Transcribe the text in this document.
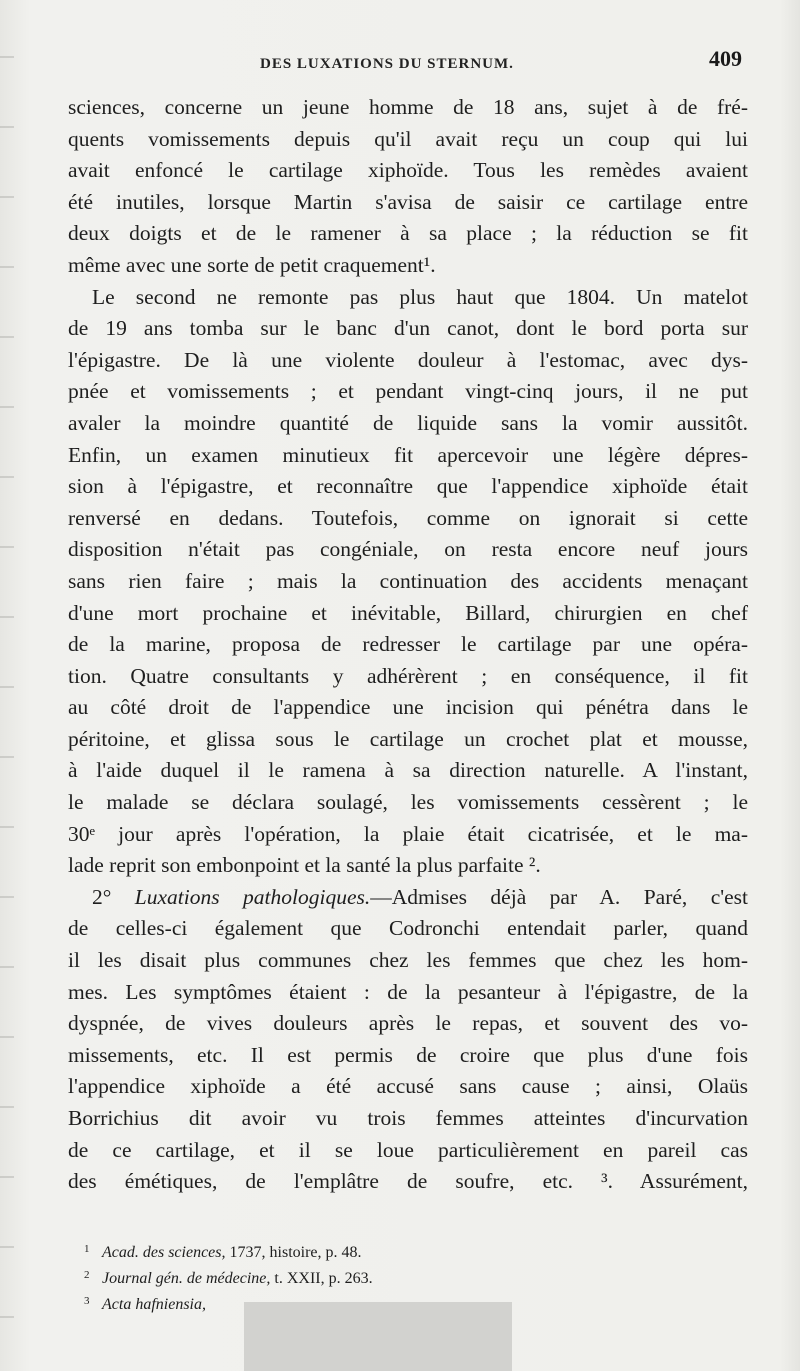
DES LUXATIONS DU STERNUM.	409
sciences, concerne un jeune homme de 18 ans, sujet à de fré-
quents vomissements depuis qu'il avait reçu un coup qui lui
avait enfoncé le cartilage xiphoïde. Tous les remèdes avaient
été inutiles, lorsque Martin s'avisa de saisir ce cartilage entre
deux doigts et de le ramener à sa place ; la réduction se fit
même avec une sorte de petit craquement¹.
Le second ne remonte pas plus haut que 1804. Un matelot
de 19 ans tomba sur le banc d'un canot, dont le bord porta sur
l'épigastre. De là une violente douleur à l'estomac, avec dys-
pnée et vomissements ; et pendant vingt-cinq jours, il ne put
avaler la moindre quantité de liquide sans la vomir aussitôt.
Enfin, un examen minutieux fit apercevoir une légère dépres-
sion à l'épigastre, et reconnaître que l'appendice xiphoïde était
renversé en dedans. Toutefois, comme on ignorait si cette
disposition n'était pas congéniale, on resta encore neuf jours
sans rien faire ; mais la continuation des accidents menaçant
d'une mort prochaine et inévitable, Billard, chirurgien en chef
de la marine, proposa de redresser le cartilage par une opéra-
tion. Quatre consultants y adhérèrent ; en conséquence, il fit
au côté droit de l'appendice une incision qui pénétra dans le
péritoine, et glissa sous le cartilage un crochet plat et mousse,
à l'aide duquel il le ramena à sa direction naturelle. A l'instant,
le malade se déclara soulagé, les vomissements cessèrent ; le
30ᵉ jour après l'opération, la plaie était cicatrisée, et le ma-
lade reprit son embonpoint et la santé la plus parfaite ².
2° Luxations pathologiques.—Admises déjà par A. Paré, c'est
de celles-ci également que Codronchi entendait parler, quand
il les disait plus communes chez les femmes que chez les hom-
mes. Les symptômes étaient : de la pesanteur à l'épigastre, de la
dyspnée, de vives douleurs après le repas, et souvent des vo-
missements, etc. Il est permis de croire que plus d'une fois
l'appendice xiphoïde a été accusé sans cause ; ainsi, Olaüs
Borrichius dit avoir vu trois femmes atteintes d'incurvation
de ce cartilage, et il se loue particulièrement en pareil cas
des émétiques, de l'emplâtre de soufre, etc. ³. Assurément,
1 Acad. des sciences, 1737, histoire, p. 48.
2 Journal gén. de médecine, t. XXII, p. 263.
3 Acta hafniensia,
